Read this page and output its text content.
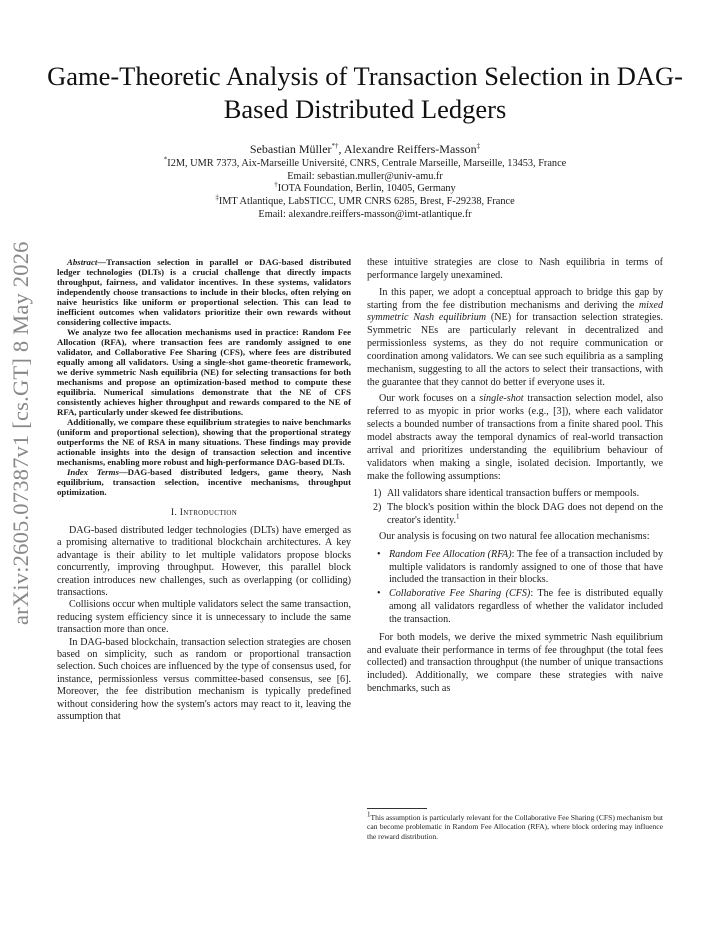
arXiv:2605.07387v1 [cs.GT] 8 May 2026
Game-Theoretic Analysis of Transaction Selection in DAG-Based Distributed Ledgers
Sebastian Müller*†, Alexandre Reiffers-Masson‡
*I2M, UMR 7373, Aix-Marseille Université, CNRS, Centrale Marseille, Marseille, 13453, France
Email: sebastian.muller@univ-amu.fr
†IOTA Foundation, Berlin, 10405, Germany
‡IMT Atlantique, LabSTICC, UMR CNRS 6285, Brest, F-29238, France
Email: alexandre.reiffers-masson@imt-atlantique.fr

Abstract—Transaction selection in parallel or DAG-based distributed ledger technologies (DLTs) is a crucial challenge that directly impacts throughput, fairness, and validator incentives. In these systems, validators independently choose transactions to include in their blocks, often relying on naive heuristics like uniform or proportional selection. This can lead to inefficient outcomes when validators prioritize their own rewards without considering collective impacts.

We analyze two fee allocation mechanisms used in practice: Random Fee Allocation (RFA), where transaction fees are randomly assigned to one validator, and Collaborative Fee Sharing (CFS), where fees are distributed equally among all validators. Using a single-shot game-theoretic framework, we derive symmetric Nash equilibria (NE) for selecting transactions for both mechanisms and propose an optimization-based method to compute these equilibria. Numerical simulations demonstrate that the NE of CFS consistently achieves higher throughput and rewards compared to the NE of RFA, particularly under skewed fee distributions.

Additionally, we compare these equilibrium strategies to naive benchmarks (uniform and proportional selection), showing that the proportional strategy outperforms the NE of RSA in many situations. These findings may provide actionable insights into the design of transaction selection and incentive mechanisms, enabling more robust and high-performance DAG-based DLTs.

Index Terms—DAG-based distributed ledgers, game theory, Nash equilibrium, transaction selection, incentive mechanisms, throughput optimization.

I. Introduction

DAG-based distributed ledger technologies (DLTs) have emerged as a promising alternative to traditional blockchain architectures. A key advantage is their ability to let multiple validators propose blocks concurrently, improving throughput. However, this parallel block creation introduces new challenges, such as overlapping (or colliding) transactions.

Collisions occur when multiple validators select the same transaction, reducing system efficiency since it is unnecessary to include the same transaction more than once.

In DAG-based blockchain, transaction selection strategies are chosen based on simplicity, such as random or proportional transaction selection. Such choices are influenced by the type of consensus used, for instance, permissionless versus committee-based consensus, see [6]. Moreover, the fee distribution mechanism is typically predefined without considering how the system's actors may react to it, leaving the assumption that

these intuitive strategies are close to Nash equilibria in terms of performance largely unexamined.

In this paper, we adopt a conceptual approach to bridge this gap by starting from the fee distribution mechanisms and deriving the mixed symmetric Nash equilibrium (NE) for transaction selection strategies. Symmetric NEs are particularly relevant in decentralized and permissionless systems, as they do not require communication or coordination among validators. We can see such equilibria as a sampling mechanism, suggesting to all the actors to select their transactions, with the guarantee that they cannot do better if everyone uses it.

Our work focuses on a single-shot transaction selection model, also referred to as myopic in prior works (e.g., [3]), where each validator selects a bounded number of transactions from a finite shared pool. This model abstracts away the temporal dynamics of real-world transaction arrival and prioritizes understanding the equilibrium behaviour of validators when making a single, isolated decision. Importantly, we make the following assumptions:

1) All validators share identical transaction buffers or mempools.
2) The block's position within the block DAG does not depend on the creator's identity.$^1$

Our analysis is focusing on two natural fee allocation mechanisms:

• Random Fee Allocation (RFA): The fee of a transaction included by multiple validators is randomly assigned to one of those that have included the transaction in their blocks.
• Collaborative Fee Sharing (CFS): The fee is distributed equally among all validators regardless of whether the validator included the transaction.

For both models, we derive the mixed symmetric Nash equilibrium and evaluate their performance in terms of fee throughput (the total fees collected) and transaction throughput (the number of unique transactions included). Additionally, we compare these strategies with naive benchmarks, such as

$^1$This assumption is particularly relevant for the Collaborative Fee Sharing (CFS) mechanism but can become problematic in Random Fee Allocation (RFA), where block ordering may influence the reward distribution.
